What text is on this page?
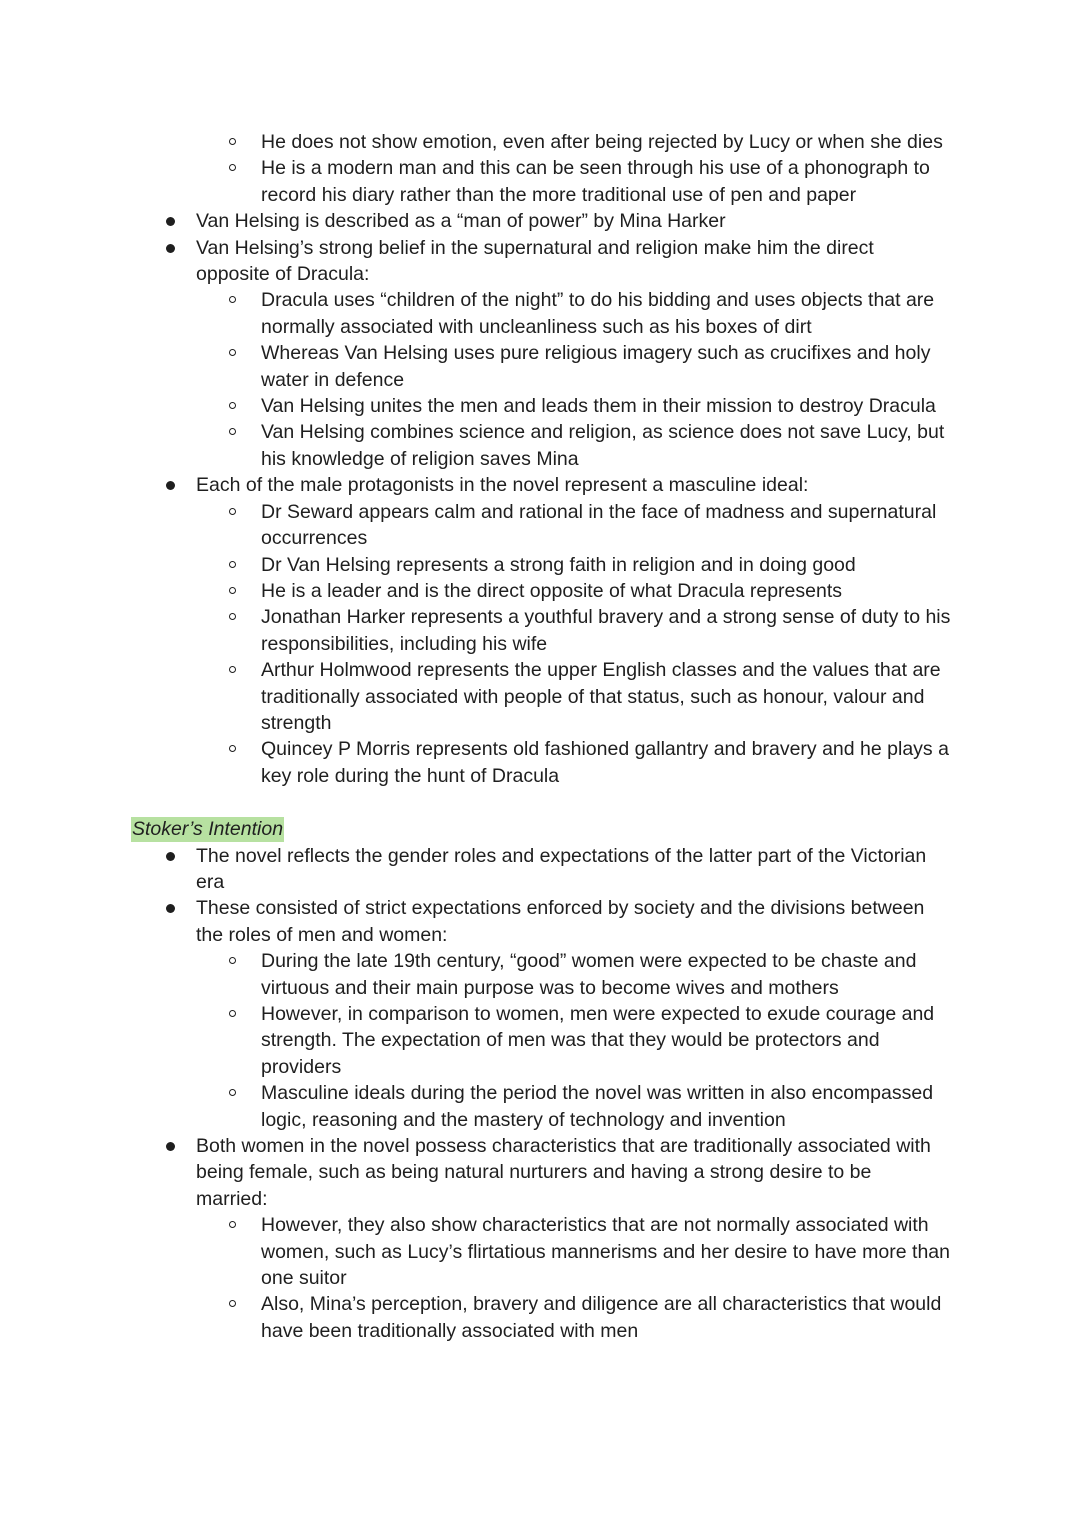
He does not show emotion, even after being rejected by Lucy or when she dies
He is a modern man and this can be seen through his use of a phonograph to record his diary rather than the more traditional use of pen and paper
Van Helsing is described as a “man of power” by Mina Harker
Van Helsing’s strong belief in the supernatural and religion make him the direct opposite of Dracula:
Dracula uses “children of the night” to do his bidding and uses objects that are normally associated with uncleanliness such as his boxes of dirt
Whereas Van Helsing uses pure religious imagery such as crucifixes and holy water in defence
Van Helsing unites the men and leads them in their mission to destroy Dracula
Van Helsing combines science and religion, as science does not save Lucy, but his knowledge of religion saves Mina
Each of the male protagonists in the novel represent a masculine ideal:
Dr Seward appears calm and rational in the face of madness and supernatural occurrences
Dr Van Helsing represents a strong faith in religion and in doing good
He is a leader and is the direct opposite of what Dracula represents
Jonathan Harker represents a youthful bravery and a strong sense of duty to his responsibilities, including his wife
Arthur Holmwood represents the upper English classes and the values that are traditionally associated with people of that status, such as honour, valour and strength
Quincey P Morris represents old fashioned gallantry and bravery and he plays a key role during the hunt of Dracula
Stoker’s Intention
The novel reflects the gender roles and expectations of the latter part of the Victorian era
These consisted of strict expectations enforced by society and the divisions between the roles of men and women:
During the late 19th century, “good” women were expected to be chaste and virtuous and their main purpose was to become wives and mothers
However, in comparison to women, men were expected to exude courage and strength. The expectation of men was that they would be protectors and providers
Masculine ideals during the period the novel was written in also encompassed logic, reasoning and the mastery of technology and invention
Both women in the novel possess characteristics that are traditionally associated with being female, such as being natural nurturers and having a strong desire to be married:
However, they also show characteristics that are not normally associated with women, such as Lucy’s flirtatious mannerisms and her desire to have more than one suitor
Also, Mina’s perception, bravery and diligence are all characteristics that would have been traditionally associated with men
